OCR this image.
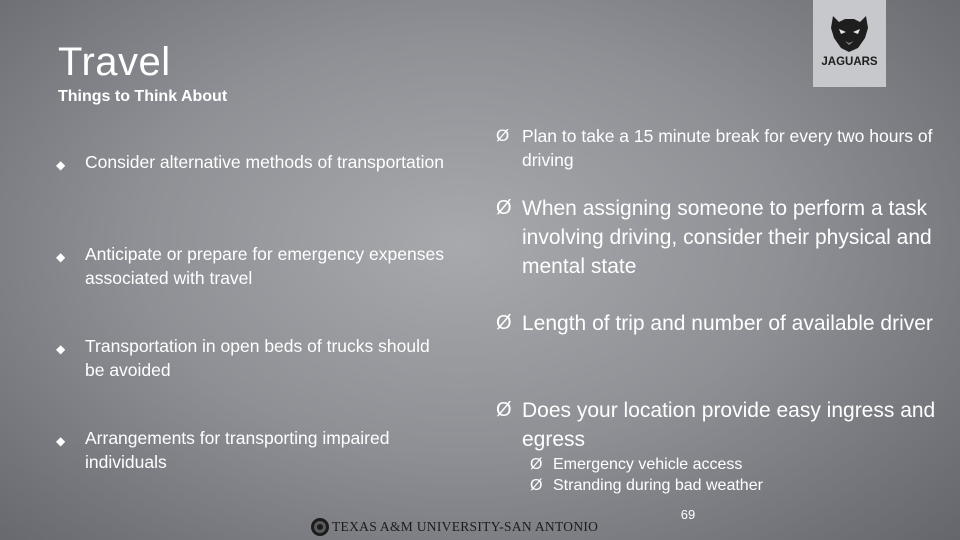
Travel
Things to Think About
JAGUARS
◆ Consider alternative methods of transportation
◆ Anticipate or prepare for emergency expenses associated with travel
◆ Transportation in open beds of trucks should be avoided
◆ Arrangements for transporting impaired individuals
Ø Plan to take a 15 minute break for every two hours of driving
Ø When assigning someone to perform a task involving driving, consider their physical and mental state
Ø Length of trip and number of available driver
Ø Does your location provide easy ingress and egress
Ø Emergency vehicle access
Ø Stranding during bad weather
69
TEXAS A&M UNIVERSITY-SAN ANTONIO
